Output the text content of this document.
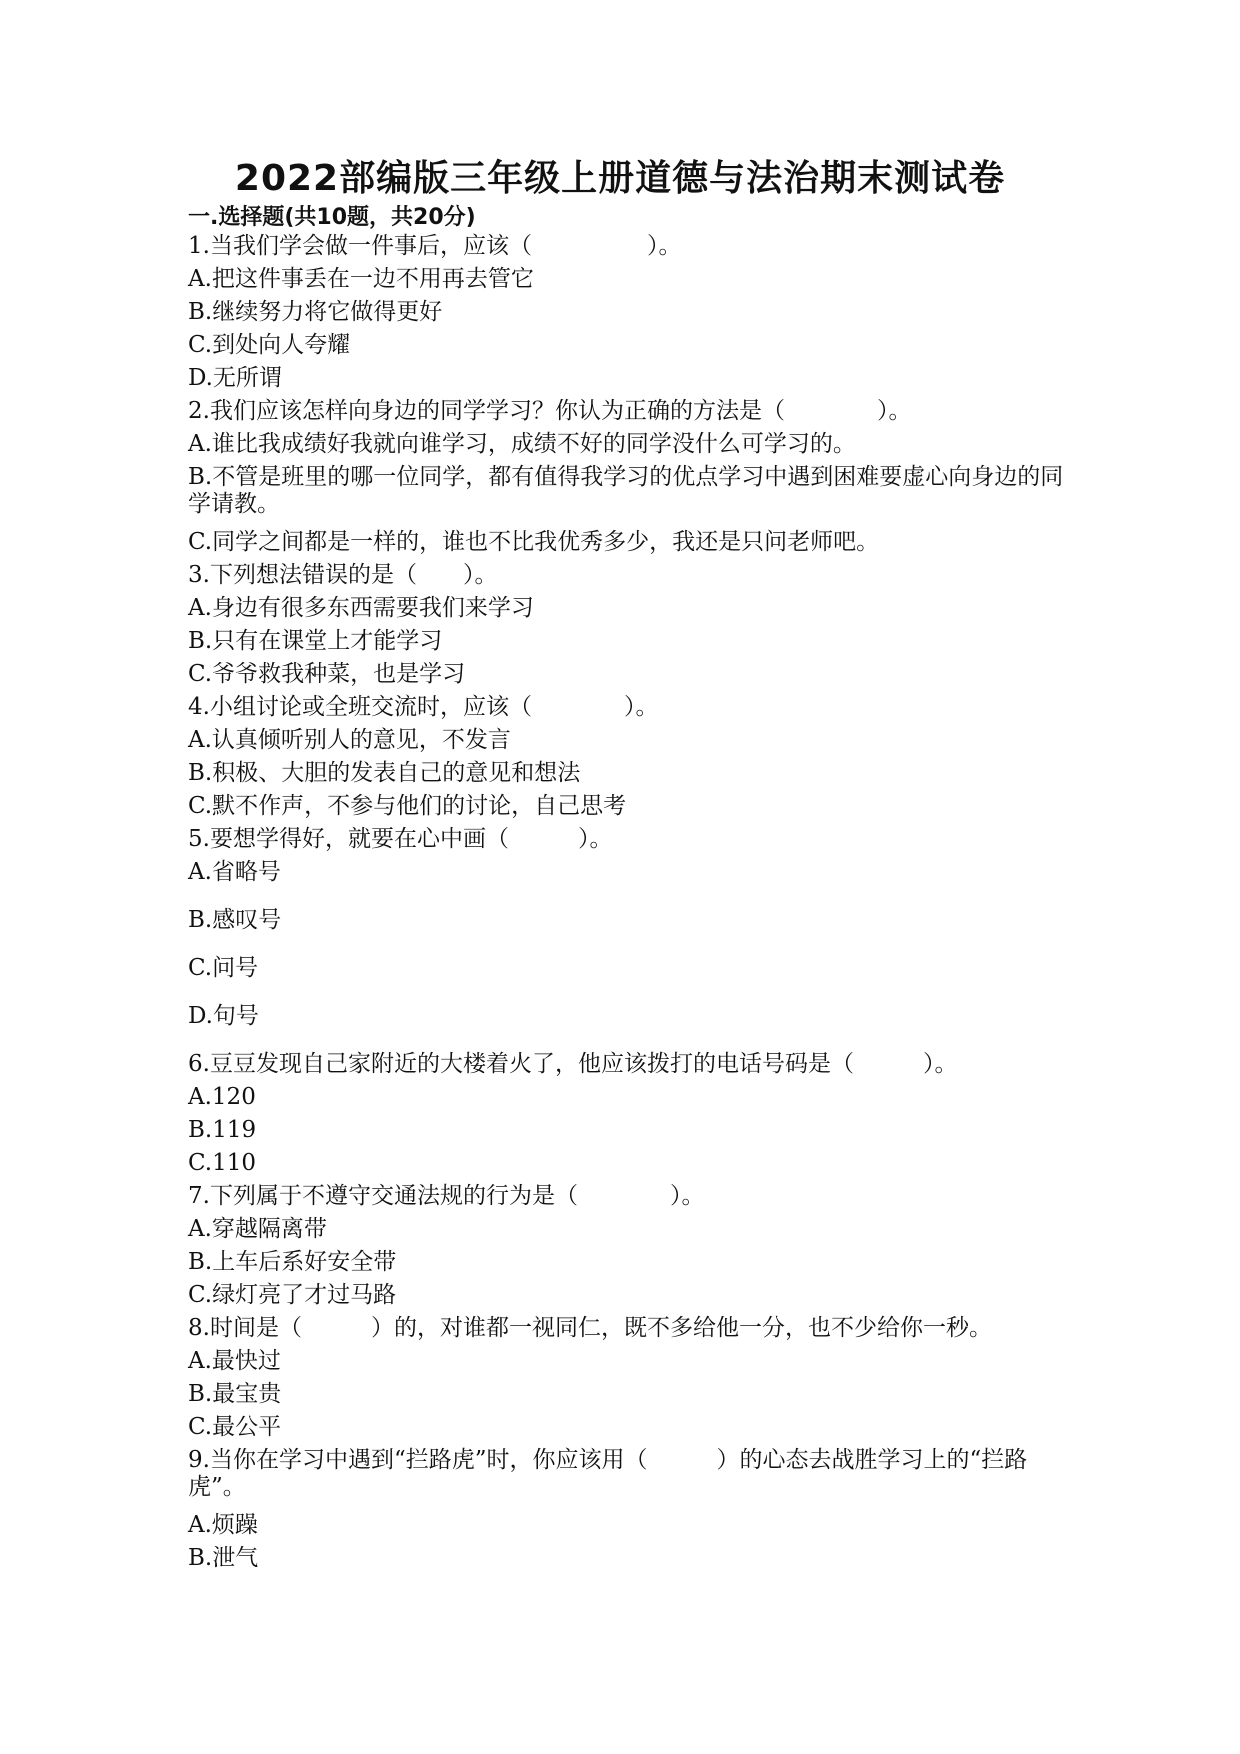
2022部编版三年级上册道德与法治期末测试卷
一.选择题(共10题，共20分)
1.当我们学会做一件事后，应该（　　　　　）。
A.把这件事丢在一边不用再去管它
B.继续努力将它做得更好
C.到处向人夸耀
D.无所谓
2.我们应该怎样向身边的同学学习？你认为正确的方法是（　　　　）。
A.谁比我成绩好我就向谁学习，成绩不好的同学没什么可学习的。
B.不管是班里的哪一位同学，都有值得我学习的优点学习中遇到困难要虚心向身边的同学请教。
C.同学之间都是一样的，谁也不比我优秀多少，我还是只问老师吧。
3.下列想法错误的是（　　）。
A.身边有很多东西需要我们来学习
B.只有在课堂上才能学习
C.爷爷救我种菜，也是学习
4.小组讨论或全班交流时，应该（　　　　）。
A.认真倾听别人的意见，不发言
B.积极、大胆的发表自己的意见和想法
C.默不作声，不参与他们的讨论，自己思考
5.要想学得好，就要在心中画（　　　）。
A.省略号
B.感叹号
C.问号
D.句号
6.豆豆发现自己家附近的大楼着火了，他应该拨打的电话号码是（　　　）。
A.120
B.119
C.110
7.下列属于不遵守交通法规的行为是（　　　　）。
A.穿越隔离带
B.上车后系好安全带
C.绿灯亮了才过马路
8.时间是（　　　）的，对谁都一视同仁，既不多给他一分，也不少给你一秒。
A.最快过
B.最宝贵
C.最公平
9.当你在学习中遇到“拦路虎”时，你应该用（　　　）的心态去战胜学习上的“拦路虎”。
A.烦躁
B.泄气
